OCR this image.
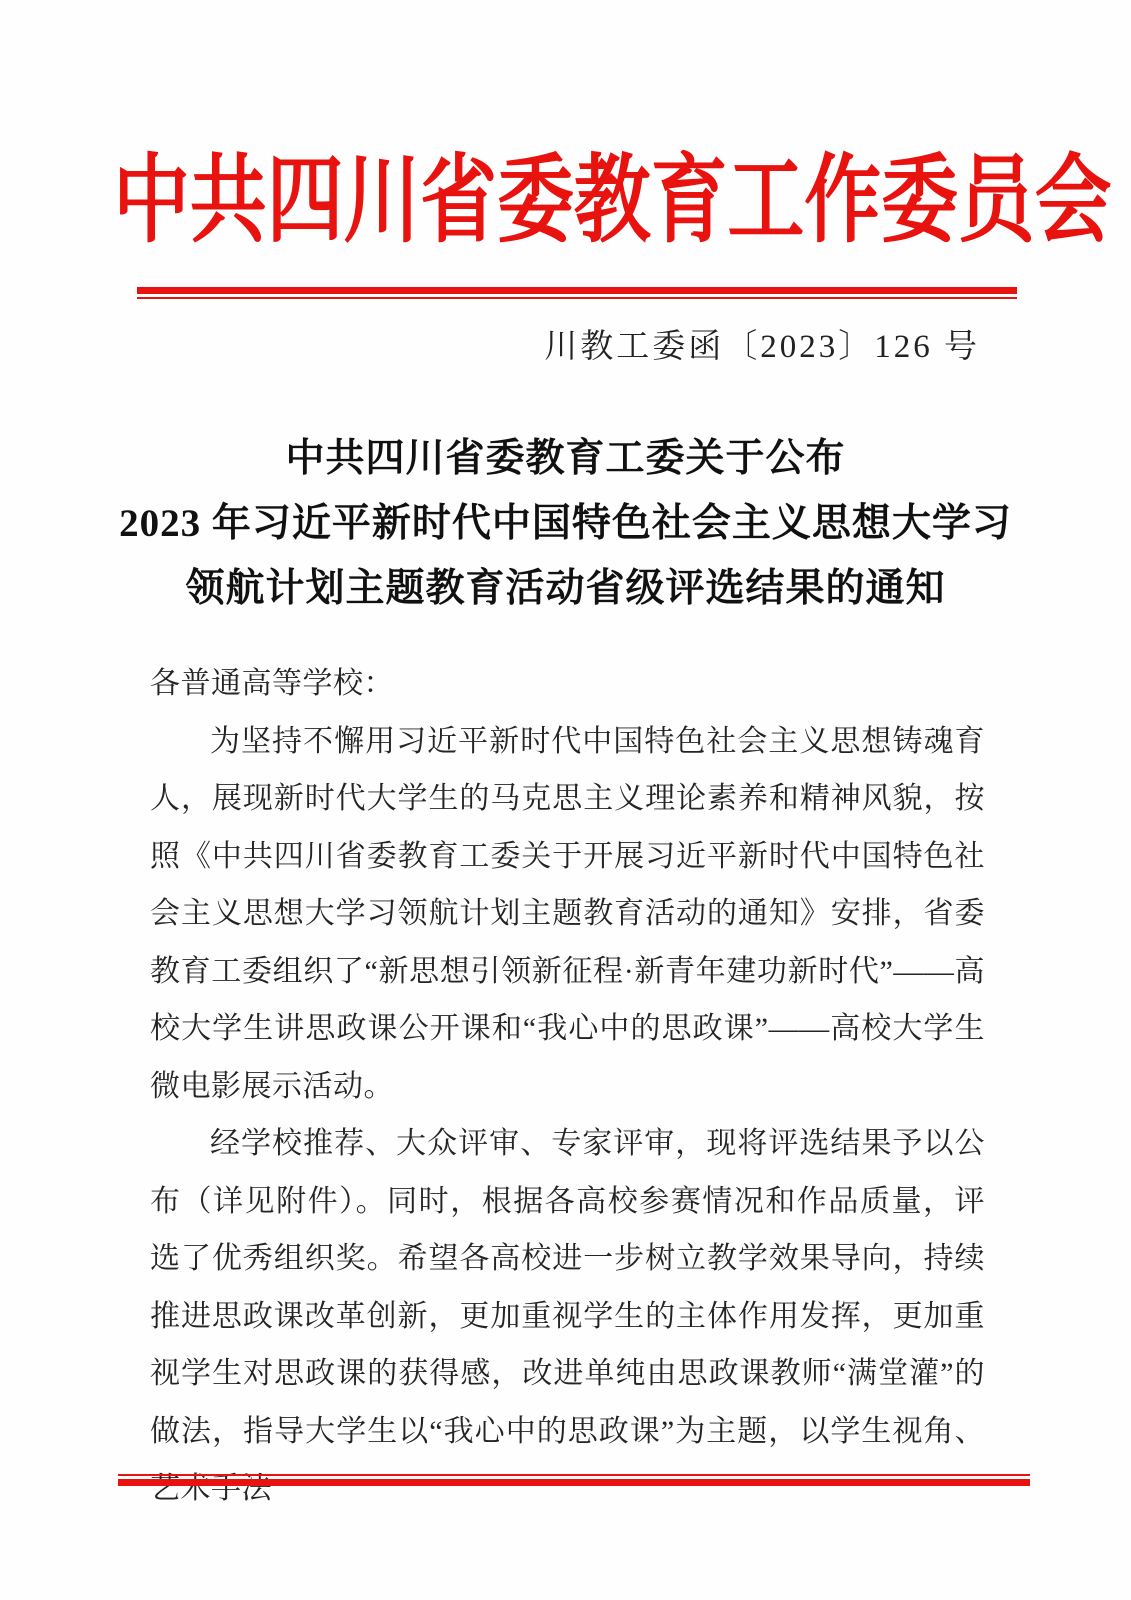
中共四川省委教育工作委员会
川教工委函〔2023〕126 号
中共四川省委教育工委关于公布
2023 年习近平新时代中国特色社会主义思想大学习
领航计划主题教育活动省级评选结果的通知

各普通高等学校：

为坚持不懈用习近平新时代中国特色社会主义思想铸魂育人，展现新时代大学生的马克思主义理论素养和精神风貌，按照《中共四川省委教育工委关于开展习近平新时代中国特色社会主义思想大学习领航计划主题教育活动的通知》安排，省委教育工委组织了“新思想引领新征程·新青年建功新时代”——高校大学生讲思政课公开课和“我心中的思政课”——高校大学生微电影展示活动。

经学校推荐、大众评审、专家评审，现将评选结果予以公布（详见附件）。同时，根据各高校参赛情况和作品质量，评选了优秀组织奖。希望各高校进一步树立教学效果导向，持续推进思政课改革创新，更加重视学生的主体作用发挥，更加重视学生对思政课的获得感，改进单纯由思政课教师“满堂灌”的做法，指导大学生以“我心中的思政课”为主题，以学生视角、艺术手法
